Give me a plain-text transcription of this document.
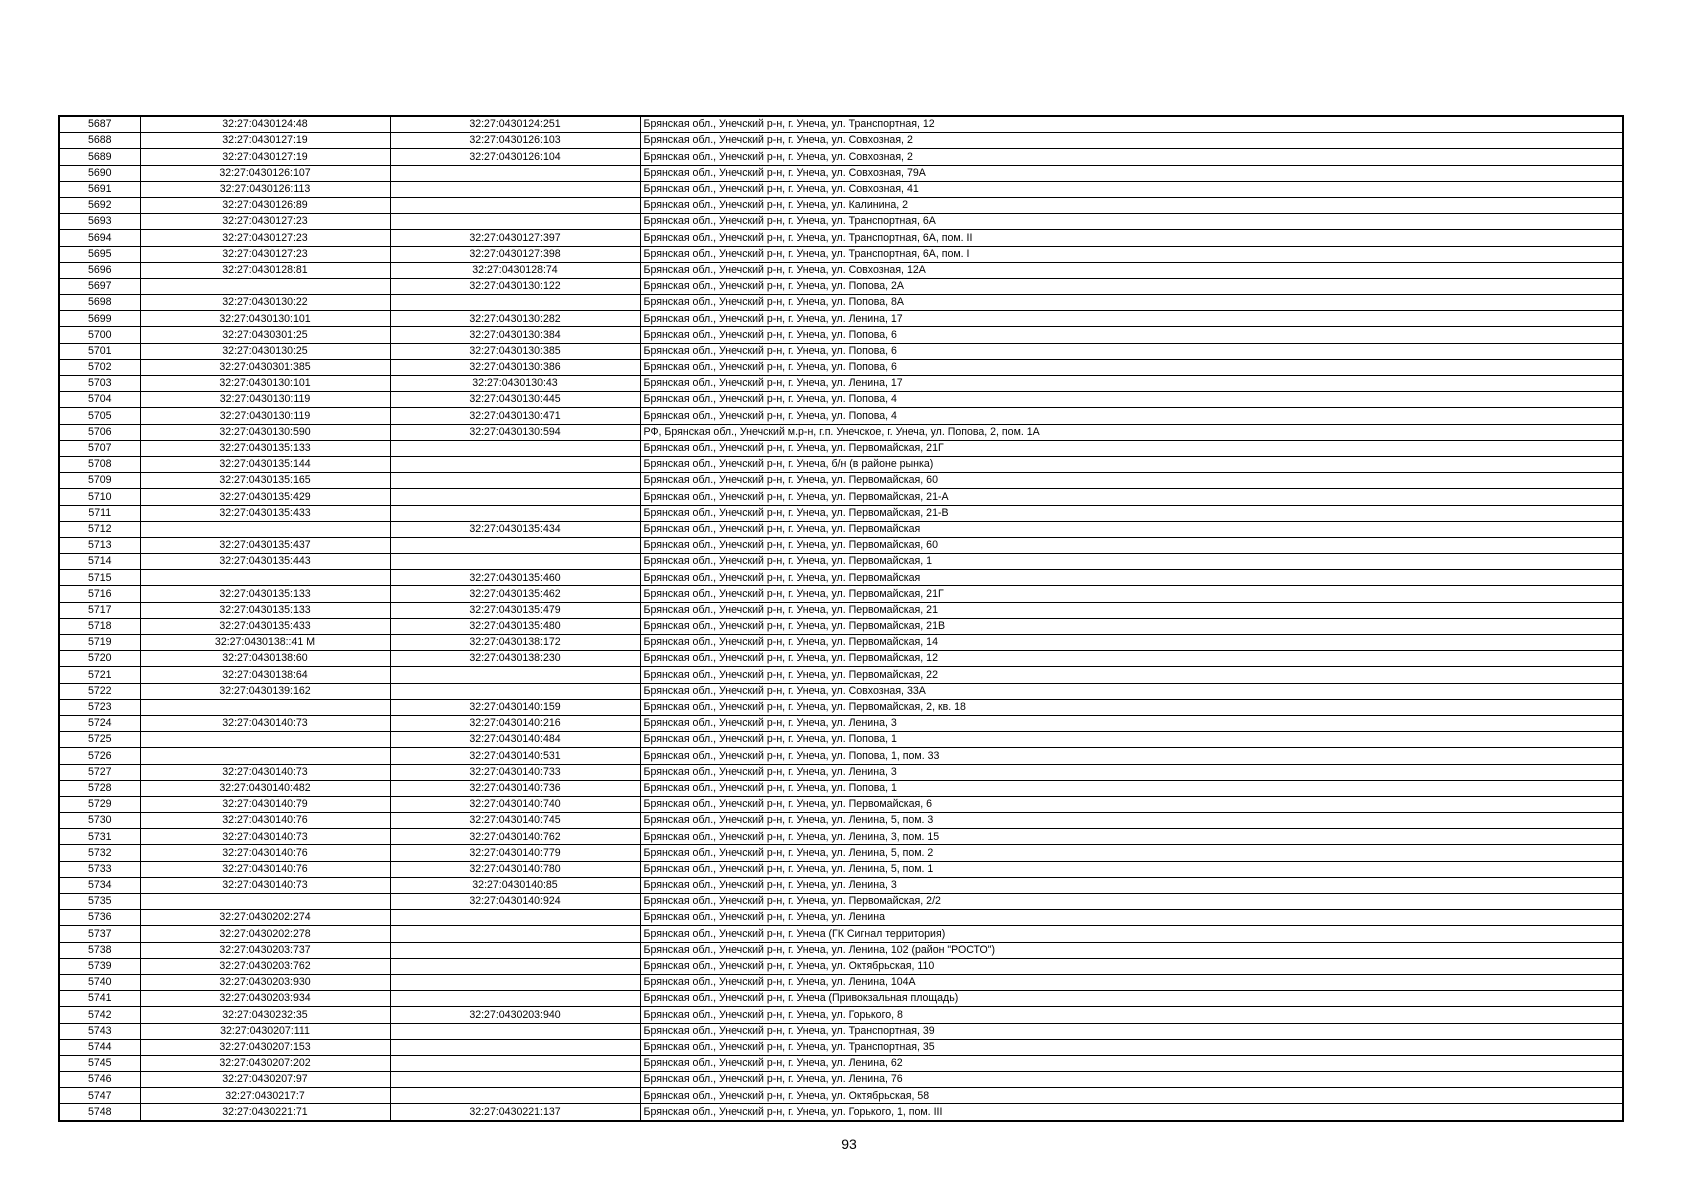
5687	32:27:0430124:48	32:27:0430124:251	Брянская обл., Унечский р-н, г. Унеча, ул. Транспортная, 12
5688	32:27:0430127:19	32:27:0430126:103	Брянская обл., Унечский р-н, г. Унеча, ул. Совхозная, 2
5689	32:27:0430127:19	32:27:0430126:104	Брянская обл., Унечский р-н, г. Унеча, ул. Совхозная, 2
5690	32:27:0430126:107		Брянская обл., Унечский р-н, г. Унеча, ул. Совхозная, 79А
5691	32:27:0430126:113		Брянская обл., Унечский р-н, г. Унеча, ул. Совхозная, 41
5692	32:27:0430126:89		Брянская обл., Унечский р-н, г. Унеча, ул. Калинина, 2
5693	32:27:0430127:23		Брянская обл., Унечский р-н, г. Унеча, ул. Транспортная, 6А
5694	32:27:0430127:23	32:27:0430127:397	Брянская обл., Унечский р-н, г. Унеча, ул. Транспортная, 6А, пом. II
5695	32:27:0430127:23	32:27:0430127:398	Брянская обл., Унечский р-н, г. Унеча, ул. Транспортная, 6А, пом. I
5696	32:27:0430128:81	32:27:0430128:74	Брянская обл., Унечский р-н, г. Унеча, ул. Совхозная, 12А
5697		32:27:0430130:122	Брянская обл., Унечский р-н, г. Унеча, ул. Попова, 2А
5698	32:27:0430130:22		Брянская обл., Унечский р-н, г. Унеча, ул. Попова, 8А
5699	32:27:0430130:101	32:27:0430130:282	Брянская обл., Унечский р-н, г. Унеча, ул. Ленина, 17
5700	32:27:0430301:25	32:27:0430130:384	Брянская обл., Унечский р-н, г. Унеча, ул. Попова, 6
5701	32:27:0430130:25	32:27:0430130:385	Брянская обл., Унечский р-н, г. Унеча, ул. Попова, 6
5702	32:27:0430301:385	32:27:0430130:386	Брянская обл., Унечский р-н, г. Унеча, ул. Попова, 6
5703	32:27:0430130:101	32:27:0430130:43	Брянская обл., Унечский р-н, г. Унеча, ул. Ленина, 17
5704	32:27:0430130:119	32:27:0430130:445	Брянская обл., Унечский р-н, г. Унеча, ул. Попова, 4
5705	32:27:0430130:119	32:27:0430130:471	Брянская обл., Унечский р-н, г. Унеча, ул. Попова, 4
5706	32:27:0430130:590	32:27:0430130:594	РФ, Брянская обл., Унечский м.р-н, г.п. Унечское, г. Унеча, ул. Попова, 2, пом. 1А
5707	32:27:0430135:133		Брянская обл., Унечский р-н, г. Унеча, ул. Первомайская, 21Г
5708	32:27:0430135:144		Брянская обл., Унечский р-н, г. Унеча, б/н (в районе рынка)
5709	32:27:0430135:165		Брянская обл., Унечский р-н, г. Унеча, ул. Первомайская, 60
5710	32:27:0430135:429		Брянская обл., Унечский р-н, г. Унеча, ул. Первомайская, 21-А
5711	32:27:0430135:433		Брянская обл., Унечский р-н, г. Унеча, ул. Первомайская, 21-В
5712		32:27:0430135:434	Брянская обл., Унечский р-н, г. Унеча, ул. Первомайская
5713	32:27:0430135:437		Брянская обл., Унечский р-н, г. Унеча, ул. Первомайская, 60
5714	32:27:0430135:443		Брянская обл., Унечский р-н, г. Унеча, ул. Первомайская, 1
5715		32:27:0430135:460	Брянская обл., Унечский р-н, г. Унеча, ул. Первомайская
5716	32:27:0430135:133	32:27:0430135:462	Брянская обл., Унечский р-н, г. Унеча, ул. Первомайская, 21Г
5717	32:27:0430135:133	32:27:0430135:479	Брянская обл., Унечский р-н, г. Унеча, ул. Первомайская, 21
5718	32:27:0430135:433	32:27:0430135:480	Брянская обл., Унечский р-н, г. Унеча, ул. Первомайская, 21В
5719	32:27:0430138::41 М	32:27:0430138:172	Брянская обл., Унечский р-н, г. Унеча, ул. Первомайская, 14
5720	32:27:0430138:60	32:27:0430138:230	Брянская обл., Унечский р-н, г. Унеча, ул. Первомайская, 12
5721	32:27:0430138:64		Брянская обл., Унечский р-н, г. Унеча, ул. Первомайская, 22
5722	32:27:0430139:162		Брянская обл., Унечский р-н, г. Унеча, ул. Совхозная, 33А
5723		32:27:0430140:159	Брянская обл., Унечский р-н, г. Унеча, ул. Первомайская, 2, кв. 18
5724	32:27:0430140:73	32:27:0430140:216	Брянская обл., Унечский р-н, г. Унеча, ул. Ленина, 3
5725		32:27:0430140:484	Брянская обл., Унечский р-н, г. Унеча, ул. Попова, 1
5726		32:27:0430140:531	Брянская обл., Унечский р-н, г. Унеча, ул. Попова, 1, пом. 33
5727	32:27:0430140:73	32:27:0430140:733	Брянская обл., Унечский р-н, г. Унеча, ул. Ленина, 3
5728	32:27:0430140:482	32:27:0430140:736	Брянская обл., Унечский р-н, г. Унеча, ул. Попова, 1
5729	32:27:0430140:79	32:27:0430140:740	Брянская обл., Унечский р-н, г. Унеча, ул. Первомайская, 6
5730	32:27:0430140:76	32:27:0430140:745	Брянская обл., Унечский р-н, г. Унеча, ул. Ленина, 5, пом. 3
5731	32:27:0430140:73	32:27:0430140:762	Брянская обл., Унечский р-н, г. Унеча, ул. Ленина, 3, пом. 15
5732	32:27:0430140:76	32:27:0430140:779	Брянская обл., Унечский р-н, г. Унеча, ул. Ленина, 5, пом. 2
5733	32:27:0430140:76	32:27:0430140:780	Брянская обл., Унечский р-н, г. Унеча, ул. Ленина, 5, пом. 1
5734	32:27:0430140:73	32:27:0430140:85	Брянская обл., Унечский р-н, г. Унеча, ул. Ленина, 3
5735		32:27:0430140:924	Брянская обл., Унечский р-н, г. Унеча, ул. Первомайская, 2/2
5736	32:27:0430202:274		Брянская обл., Унечский р-н, г. Унеча, ул. Ленина
5737	32:27:0430202:278		Брянская обл., Унечский р-н, г. Унеча (ГК Сигнал территория)
5738	32:27:0430203:737		Брянская обл., Унечский р-н, г. Унеча, ул. Ленина, 102 (район "РОСТО")
5739	32:27:0430203:762		Брянская обл., Унечский р-н, г. Унеча, ул. Октябрьская, 110
5740	32:27:0430203:930		Брянская обл., Унечский р-н, г. Унеча, ул. Ленина, 104А
5741	32:27:0430203:934		Брянская обл., Унечский р-н, г. Унеча (Привокзальная площадь)
5742	32:27:0430232:35	32:27:0430203:940	Брянская обл., Унечский р-н, г. Унеча, ул. Горького, 8
5743	32:27:0430207:111		Брянская обл., Унечский р-н, г. Унеча, ул. Транспортная, 39
5744	32:27:0430207:153		Брянская обл., Унечский р-н, г. Унеча, ул. Транспортная, 35
5745	32:27:0430207:202		Брянская обл., Унечский р-н, г. Унеча, ул. Ленина, 62
5746	32:27:0430207:97		Брянская обл., Унечский р-н, г. Унеча, ул. Ленина, 76
5747	32:27:0430217:7		Брянская обл., Унечский р-н, г. Унеча, ул. Октябрьская, 58
5748	32:27:0430221:71	32:27:0430221:137	Брянская обл., Унечский р-н, г. Унеча, ул. Горького, 1, пом. III
93
